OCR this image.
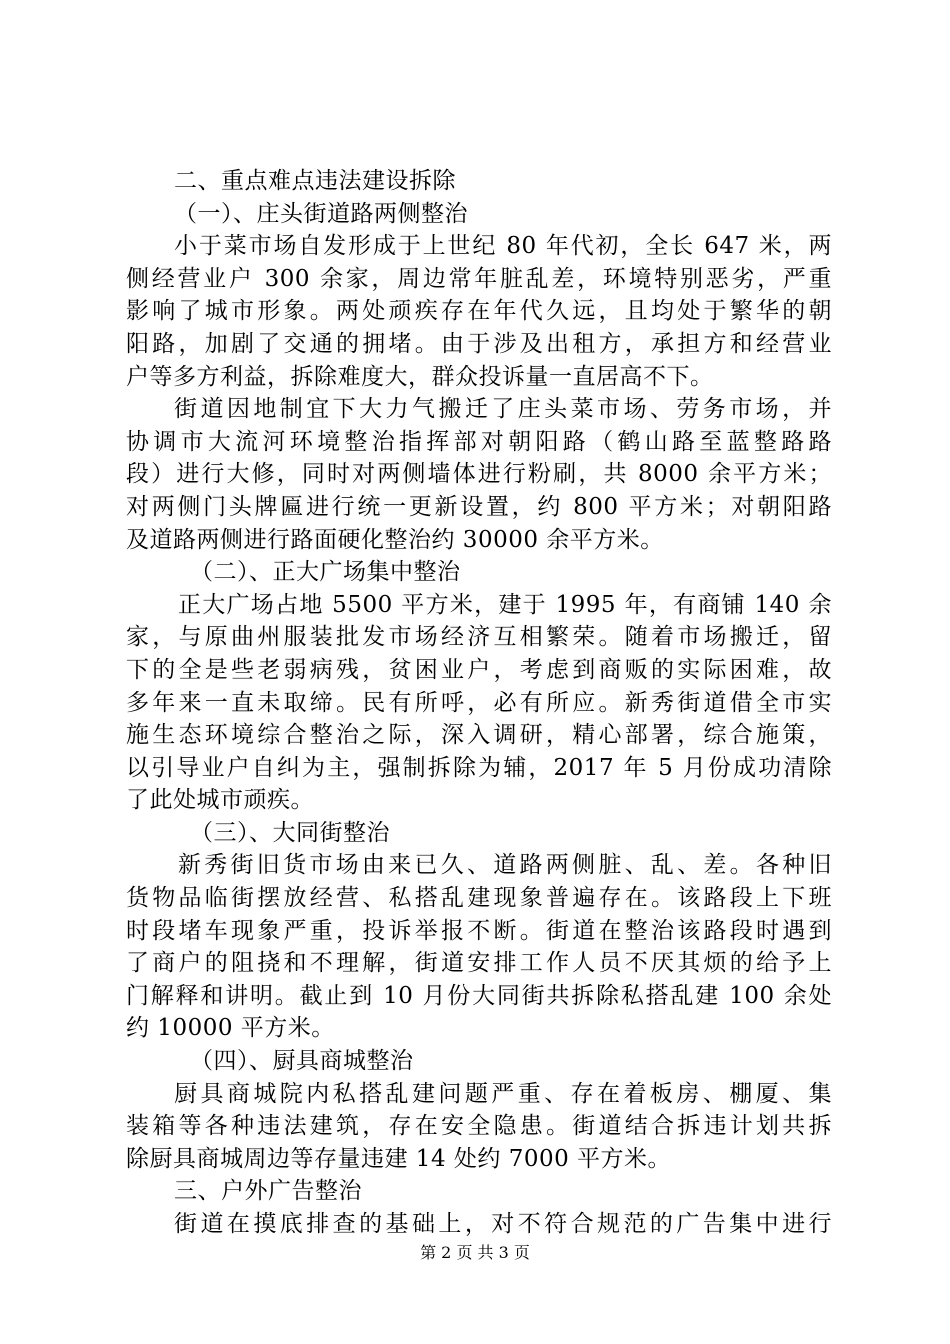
二、重点难点违法建设拆除
（一）、庄头街道路两侧整治
小于菜市场自发形成于上世纪 80 年代初，全长 647 米，两
侧经营业户 300 余家，周边常年脏乱差，环境特别恶劣，严重
影响了城市形象。两处顽疾存在年代久远，且均处于繁华的朝
阳路，加剧了交通的拥堵。由于涉及出租方，承担方和经营业
户等多方利益，拆除难度大，群众投诉量一直居高不下。
街道因地制宜下大力气搬迁了庄头菜市场、劳务市场，并
协调市大流河环境整治指挥部对朝阳路（鹤山路至蓝整路路
段）进行大修，同时对两侧墙体进行粉刷，共 8000 余平方米；
对两侧门头牌匾进行统一更新设置，约 800 平方米；对朝阳路
及道路两侧进行路面硬化整治约 30000 余平方米。
（二）、正大广场集中整治
正大广场占地 5500 平方米，建于 1995 年，有商铺 140 余
家，与原曲州服装批发市场经济互相繁荣。随着市场搬迁，留
下的全是些老弱病残，贫困业户，考虑到商贩的实际困难，故
多年来一直未取缔。民有所呼，必有所应。新秀街道借全市实
施生态环境综合整治之际，深入调研，精心部署，综合施策，
以引导业户自纠为主，强制拆除为辅，2017 年 5 月份成功清除
了此处城市顽疾。
（三）、大同街整治
新秀街旧货市场由来已久、道路两侧脏、乱、差。各种旧
货物品临街摆放经营、私搭乱建现象普遍存在。该路段上下班
时段堵车现象严重，投诉举报不断。街道在整治该路段时遇到
了商户的阻挠和不理解，街道安排工作人员不厌其烦的给予上
门解释和讲明。截止到 10 月份大同街共拆除私搭乱建 100 余处
约 10000 平方米。
（四）、厨具商城整治
厨具商城院内私搭乱建问题严重、存在着板房、棚厦、集
装箱等各种违法建筑，存在安全隐患。街道结合拆违计划共拆
除厨具商城周边等存量违建 14 处约 7000 平方米。
三、户外广告整治
街道在摸底排查的基础上，对不符合规范的广告集中进行
第 2 页 共 3 页
